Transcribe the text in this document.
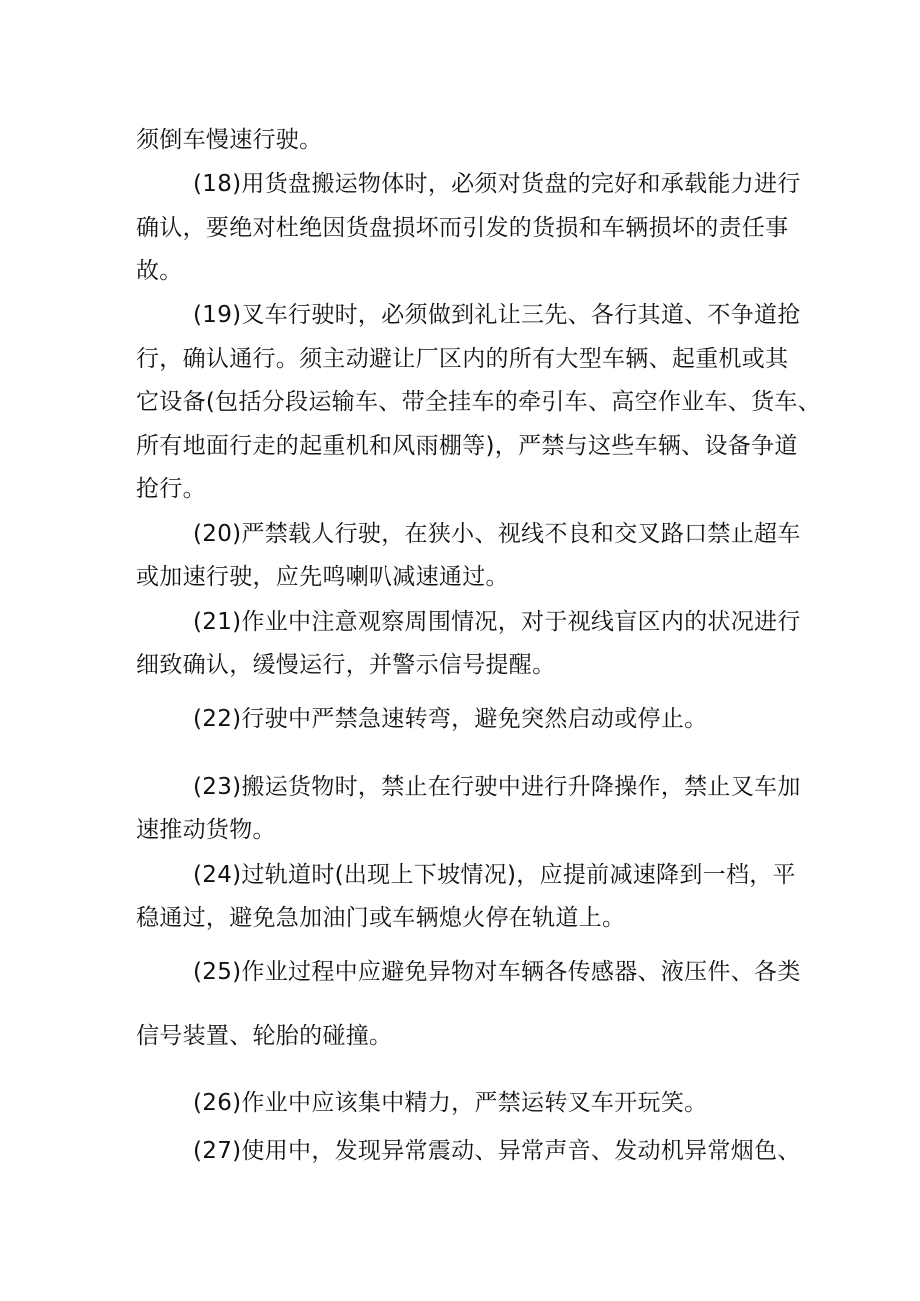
须倒车慢速行驶。
(18)用货盘搬运物体时，必须对货盘的完好和承载能力进行
确认，要绝对杜绝因货盘损坏而引发的货损和车辆损坏的责任事
故。
(19)叉车行驶时，必须做到礼让三先、各行其道、不争道抢
行，确认通行。须主动避让厂区内的所有大型车辆、起重机或其
它设备(包括分段运输车、带全挂车的牵引车、高空作业车、货车、
所有地面行走的起重机和风雨棚等)，严禁与这些车辆、设备争道
抢行。
(20)严禁载人行驶，在狭小、视线不良和交叉路口禁止超车
或加速行驶，应先鸣喇叭减速通过。
(21)作业中注意观察周围情况，对于视线盲区内的状况进行
细致确认，缓慢运行，并警示信号提醒。
(22)行驶中严禁急速转弯，避免突然启动或停止。
(23)搬运货物时，禁止在行驶中进行升降操作，禁止叉车加
速推动货物。
(24)过轨道时(出现上下坡情况)，应提前减速降到一档，平
稳通过，避免急加油门或车辆熄火停在轨道上。
(25)作业过程中应避免异物对车辆各传感器、液压件、各类
信号装置、轮胎的碰撞。
(26)作业中应该集中精力，严禁运转叉车开玩笑。
(27)使用中，发现异常震动、异常声音、发动机异常烟色、
